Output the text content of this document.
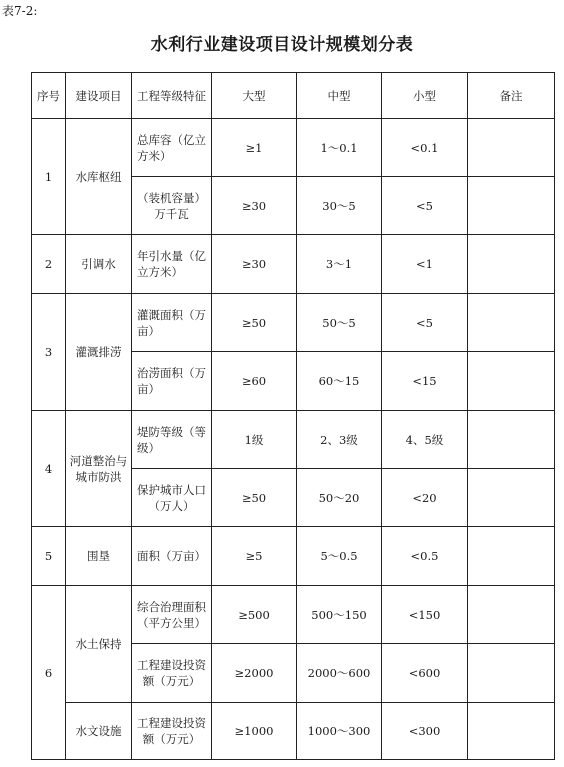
表7-2:
水利行业建设项目设计规模划分表
序号	建设项目	工程等级特征	大型	中型	小型	备注
1	水库枢纽	总库容（亿立方米）	≥1	1～0.1	<0.1	
		（装机容量）万千瓦	≥30	30～5	<5	
2	引调水	年引水量（亿立方米）	≥30	3～1	<1	
3	灌溉排涝	灌溉面积（万亩）	≥50	50～5	<5	
		治涝面积（万亩）	≥60	60～15	<15	
4	河道整治与城市防洪	堤防等级（等级）	1级	2、3级	4、5级	
		保护城市人口（万人）	≥50	50～20	<20	
5	围垦	面积（万亩）	≥5	5～0.5	<0.5	
6	水土保持	综合治理面积（平方公里）	≥500	500～150	<150	
		工程建设投资额（万元）	≥2000	2000～600	<600	
	水文设施	工程建设投资额（万元）	≥1000	1000～300	<300	
